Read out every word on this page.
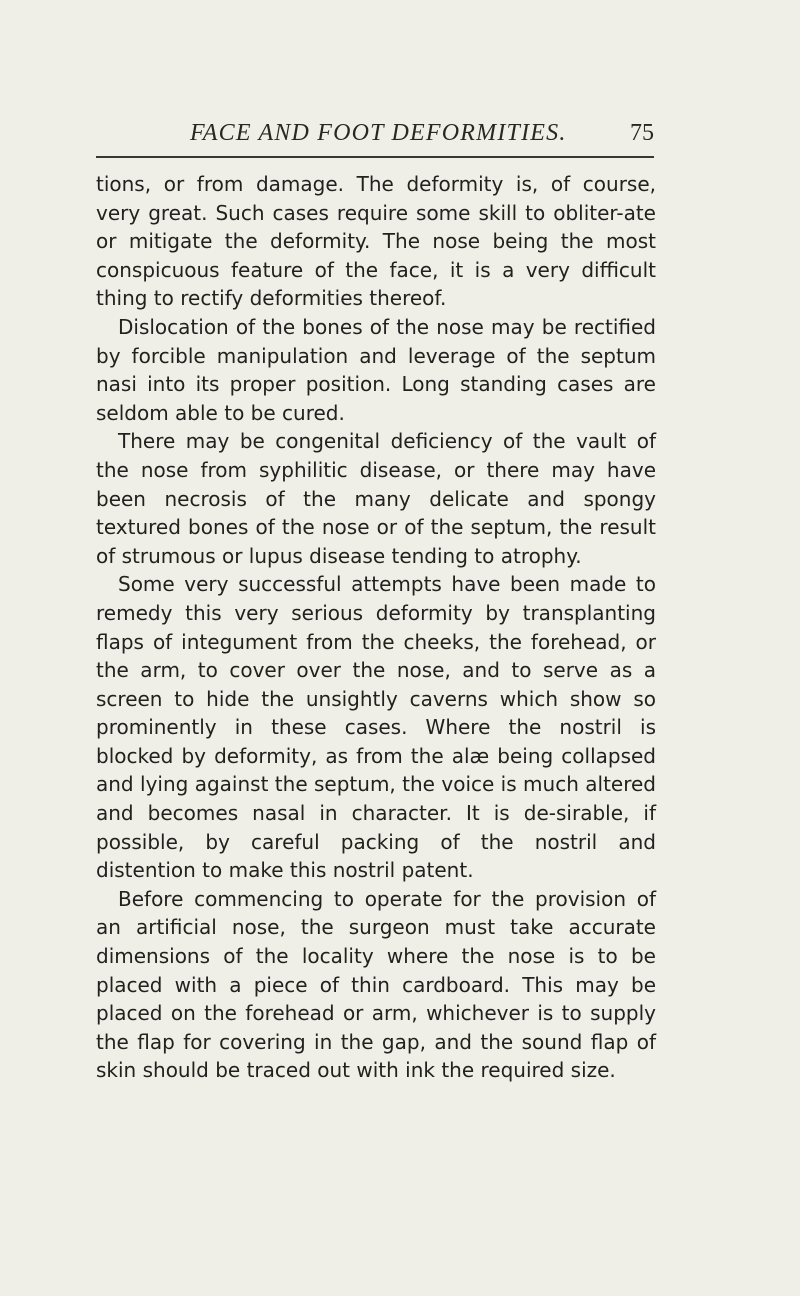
FACE AND FOOT DEFORMITIES.	75

tions, or from damage. The deformity is, of course, very great. Such cases require some skill to obliter-ate or mitigate the deformity. The nose being the most conspicuous feature of the face, it is a very difficult thing to rectify deformities thereof.

Dislocation of the bones of the nose may be rectified by forcible manipulation and leverage of the septum nasi into its proper position. Long standing cases are seldom able to be cured.

There may be congenital deficiency of the vault of the nose from syphilitic disease, or there may have been necrosis of the many delicate and spongy textured bones of the nose or of the septum, the result of strumous or lupus disease tending to atrophy.

Some very successful attempts have been made to remedy this very serious deformity by transplanting flaps of integument from the cheeks, the forehead, or the arm, to cover over the nose, and to serve as a screen to hide the unsightly caverns which show so prominently in these cases. Where the nostril is blocked by deformity, as from the alæ being collapsed and lying against the septum, the voice is much altered and becomes nasal in character. It is de-sirable, if possible, by careful packing of the nostril and distention to make this nostril patent.

Before commencing to operate for the provision of an artificial nose, the surgeon must take accurate dimensions of the locality where the nose is to be placed with a piece of thin cardboard. This may be placed on the forehead or arm, whichever is to supply the flap for covering in the gap, and the sound flap of skin should be traced out with ink the required size.
